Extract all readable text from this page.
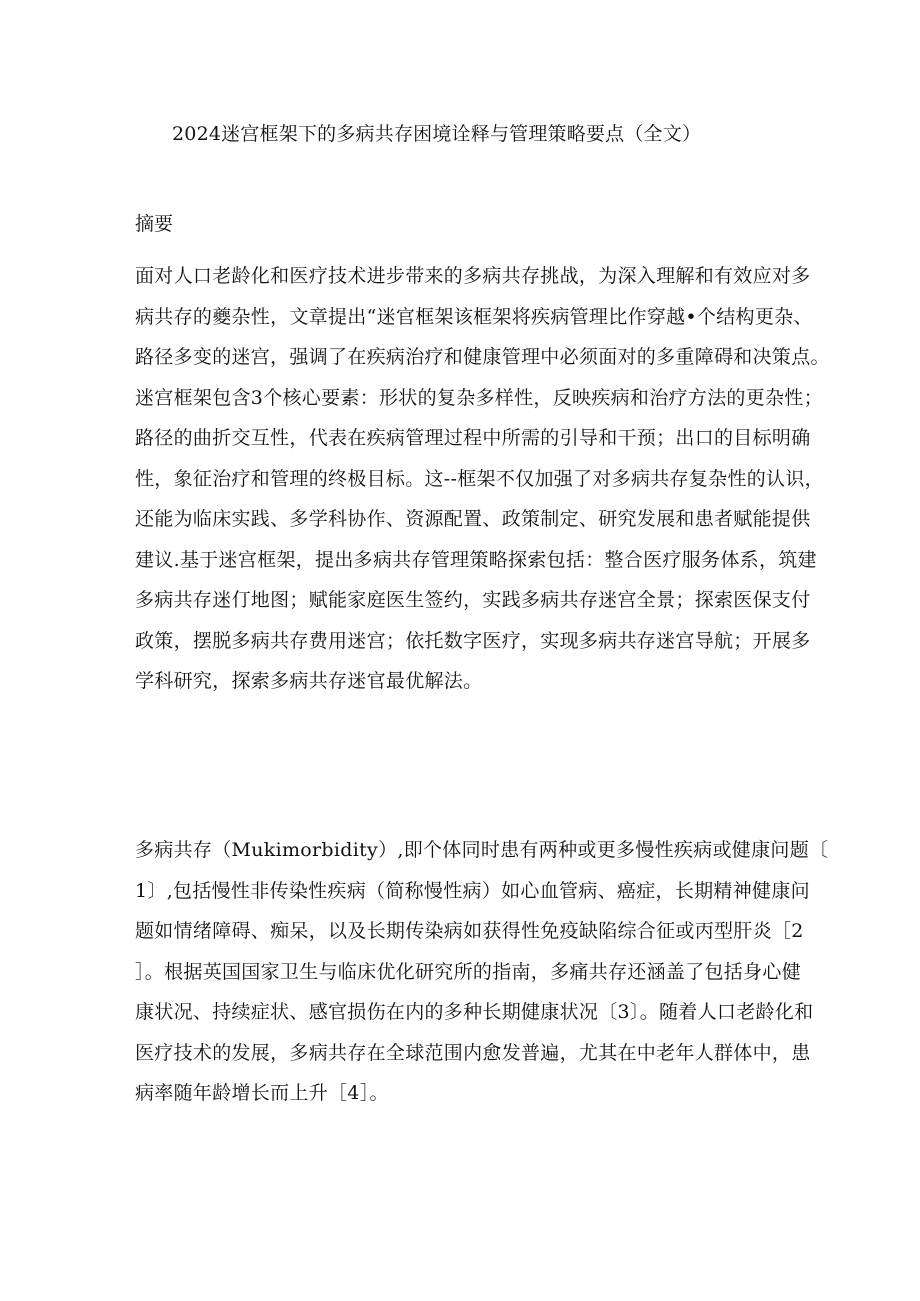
2024迷宫框架下的多病共存困境诠释与管理策略要点（全文）
摘要
面对人口老龄化和医疗技术进步带来的多病共存挑战，为深入理解和有效应对多
病共存的夔杂性，文章提出“迷官框架该框架将疾病管理比作穿越•个结构更杂、
路径多变的迷宫，强调了在疾病治疗和健康管理中必须面对的多重障碍和决策点。
迷宫框架包含3个核心要素：形状的复杂多样性，反映疾病和治疗方法的更杂性；
路径的曲折交互性，代表在疾病管理过程中所需的引导和干预；出口的目标明确
性，象征治疗和管理的终极目标。这--框架不仅加强了对多病共存复杂性的认识，
还能为临床实践、多学科协作、资源配置、政策制定、研究发展和患者赋能提供
建议.基于迷宫框架，提出多病共存管理策略探索包括：整合医疗服务体系，筑建
多病共存迷仃地图；赋能家庭医生签约，实践多病共存迷宫全景；探索医保支付
政策，摆脱多病共存费用迷宫；依托数字医疗，实现多病共存迷宫导航；开展多
学科研究，探索多病共存迷官最优解法。
多病共存（Mukimorbidity）,即个体同时患有两种或更多慢性疾病或健康问题〔
1〕,包括慢性非传染性疾病（简称慢性病）如心血管病、癌症，长期精神健康问
题如情绪障碍、痴呆，以及长期传染病如获得性免疫缺陷综合征或丙型肝炎［2
］。根据英国国家卫生与临床优化研究所的指南，多痛共存还涵盖了包括身心健
康状况、持续症状、感官损伤在内的多种长期健康状况〔3〕。随着人口老龄化和
医疗技术的发展，多病共存在全球范围内愈发普遍，尤其在中老年人群体中，患
病率随年龄增长而上升［4］。
